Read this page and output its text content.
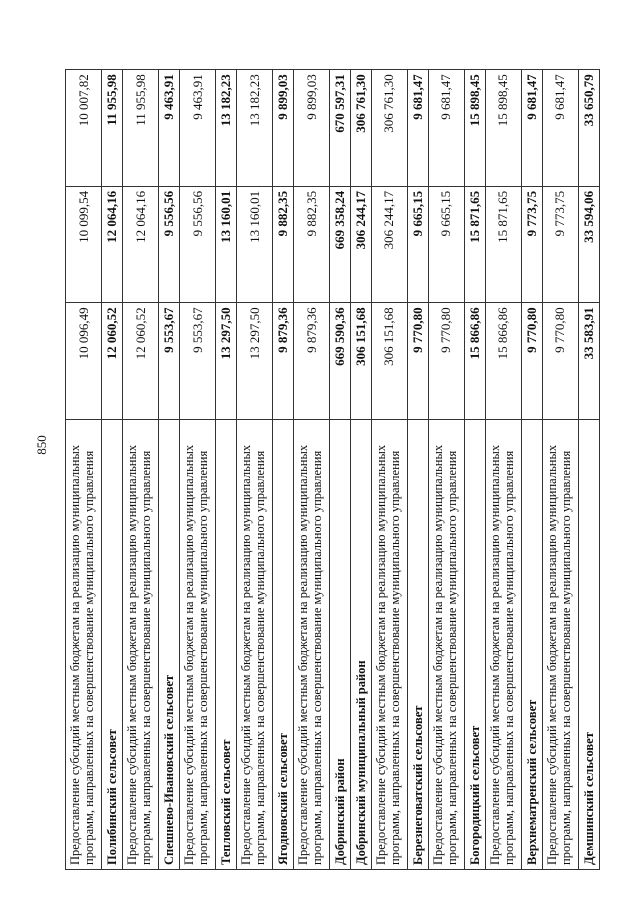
850 Предоставление субсидий местным бюджетам на реализацию муниципальных программ, направленных на совершенствование муниципального управления	10 096,49	10 099,54	10 007,82
Полибинский сельсовет	12 060,52	12 064,16	11 955,98
Предоставление субсидий местным бюджетам на реализацию муниципальных программ, направленных на совершенствование муниципального управления	12 060,52	12 064,16	11 955,98
Спешнево-Ивановский сельсовет	9 553,67	9 556,56	9 463,91
Предоставление субсидий местным бюджетам на реализацию муниципальных программ, направленных на совершенствование муниципального управления	9 553,67	9 556,56	9 463,91
Тепловский сельсовет	13 297,50	13 160,01	13 182,23
Предоставление субсидий местным бюджетам на реализацию муниципальных программ, направленных на совершенствование муниципального управления	13 297,50	13 160,01	13 182,23
Ягодновский сельсовет	9 879,36	9 882,35	9 899,03
Предоставление субсидий местным бюджетам на реализацию муниципальных программ, направленных на совершенствование муниципального управления	9 879,36	9 882,35	9 899,03
Добринский район	669 590,36	669 358,24	670 597,31
Добринский муниципальный район	306 151,68	306 244,17	306 761,30
Предоставление субсидий местным бюджетам на реализацию муниципальных программ, направленных на совершенствование муниципального управления	306 151,68	306 244,17	306 761,30
Березнеговатский сельсовет	9 770,80	9 665,15	9 681,47
Предоставление субсидий местным бюджетам на реализацию муниципальных программ, направленных на совершенствование муниципального управления	9 770,80	9 665,15	9 681,47
Богородицкий сельсовет	15 866,86	15 871,65	15 898,45
Предоставление субсидий местным бюджетам на реализацию муниципальных программ, направленных на совершенствование муниципального управления	15 866,86	15 871,65	15 898,45
Верхнематренский сельсовет	9 770,80	9 773,75	9 681,47
Предоставление субсидий местным бюджетам на реализацию муниципальных программ, направленных на совершенствование муниципального управления	9 770,80	9 773,75	9 681,47
Демшинский сельсовет	33 583,91	33 594,06	33 650,79
